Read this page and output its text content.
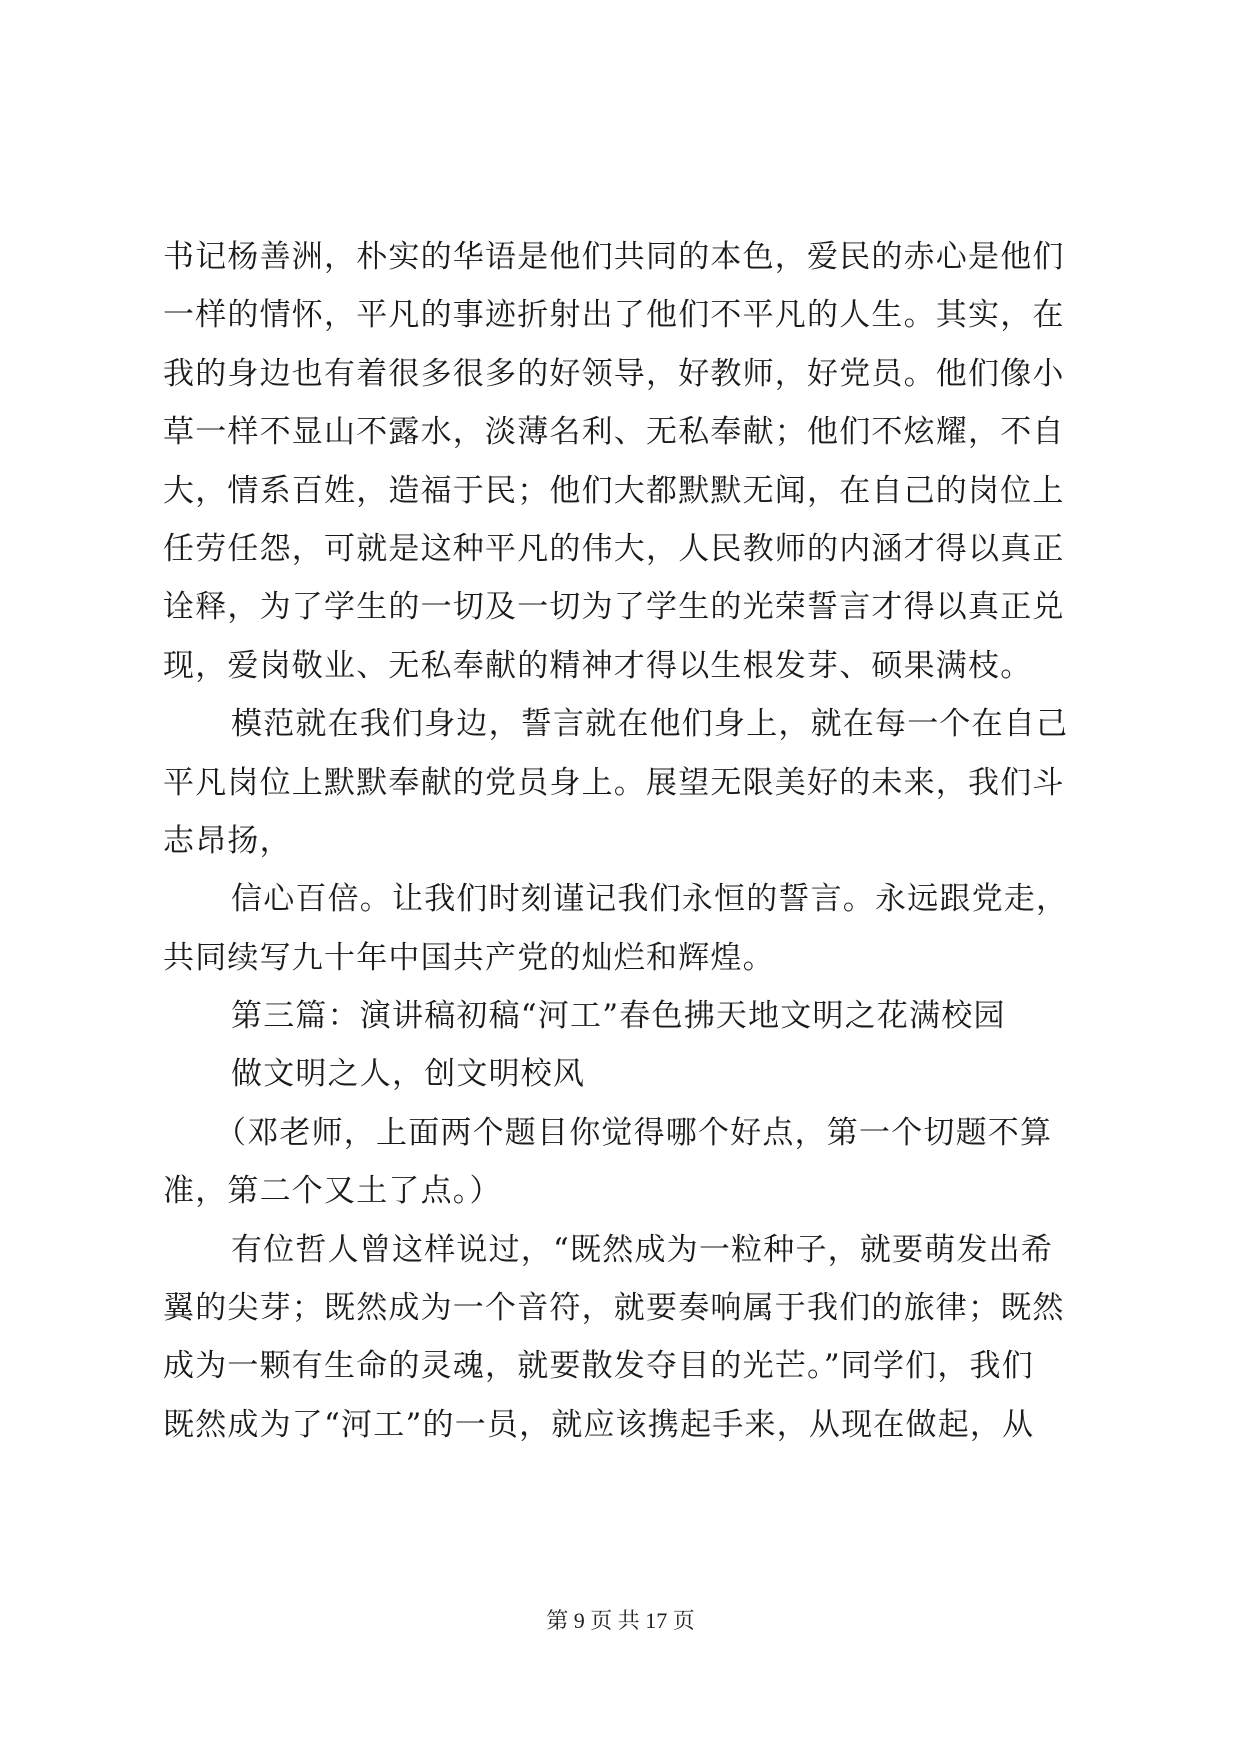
书记杨善洲，朴实的华语是他们共同的本色，爱民的赤心是他们
一样的情怀，平凡的事迹折射出了他们不平凡的人生。其实，在
我的身边也有着很多很多的好领导，好教师，好党员。他们像小
草一样不显山不露水，淡薄名利、无私奉献；他们不炫耀，不自
大，情系百姓，造福于民；他们大都默默无闻，在自己的岗位上
任劳任怨，可就是这种平凡的伟大，人民教师的内涵才得以真正
诠释，为了学生的一切及一切为了学生的光荣誓言才得以真正兑
现，爱岗敬业、无私奉献的精神才得以生根发芽、硕果满枝。
模范就在我们身边，誓言就在他们身上，就在每一个在自己
平凡岗位上默默奉献的党员身上。展望无限美好的未来，我们斗
志昂扬，
信心百倍。让我们时刻谨记我们永恒的誓言。永远跟党走，
共同续写九十年中国共产党的灿烂和辉煌。
第三篇：演讲稿初稿“河工”春色拂天地文明之花满校园
做文明之人，创文明校风
（邓老师，上面两个题目你觉得哪个好点，第一个切题不算
准，第二个又土了点。）
有位哲人曾这样说过，“既然成为一粒种子，就要萌发出希
翼的尖芽；既然成为一个音符，就要奏响属于我们的旅律；既然
成为一颗有生命的灵魂，就要散发夺目的光芒。”同学们，我们
既然成为了“河工”的一员，就应该携起手来，从现在做起，从
第 9 页 共 17 页
